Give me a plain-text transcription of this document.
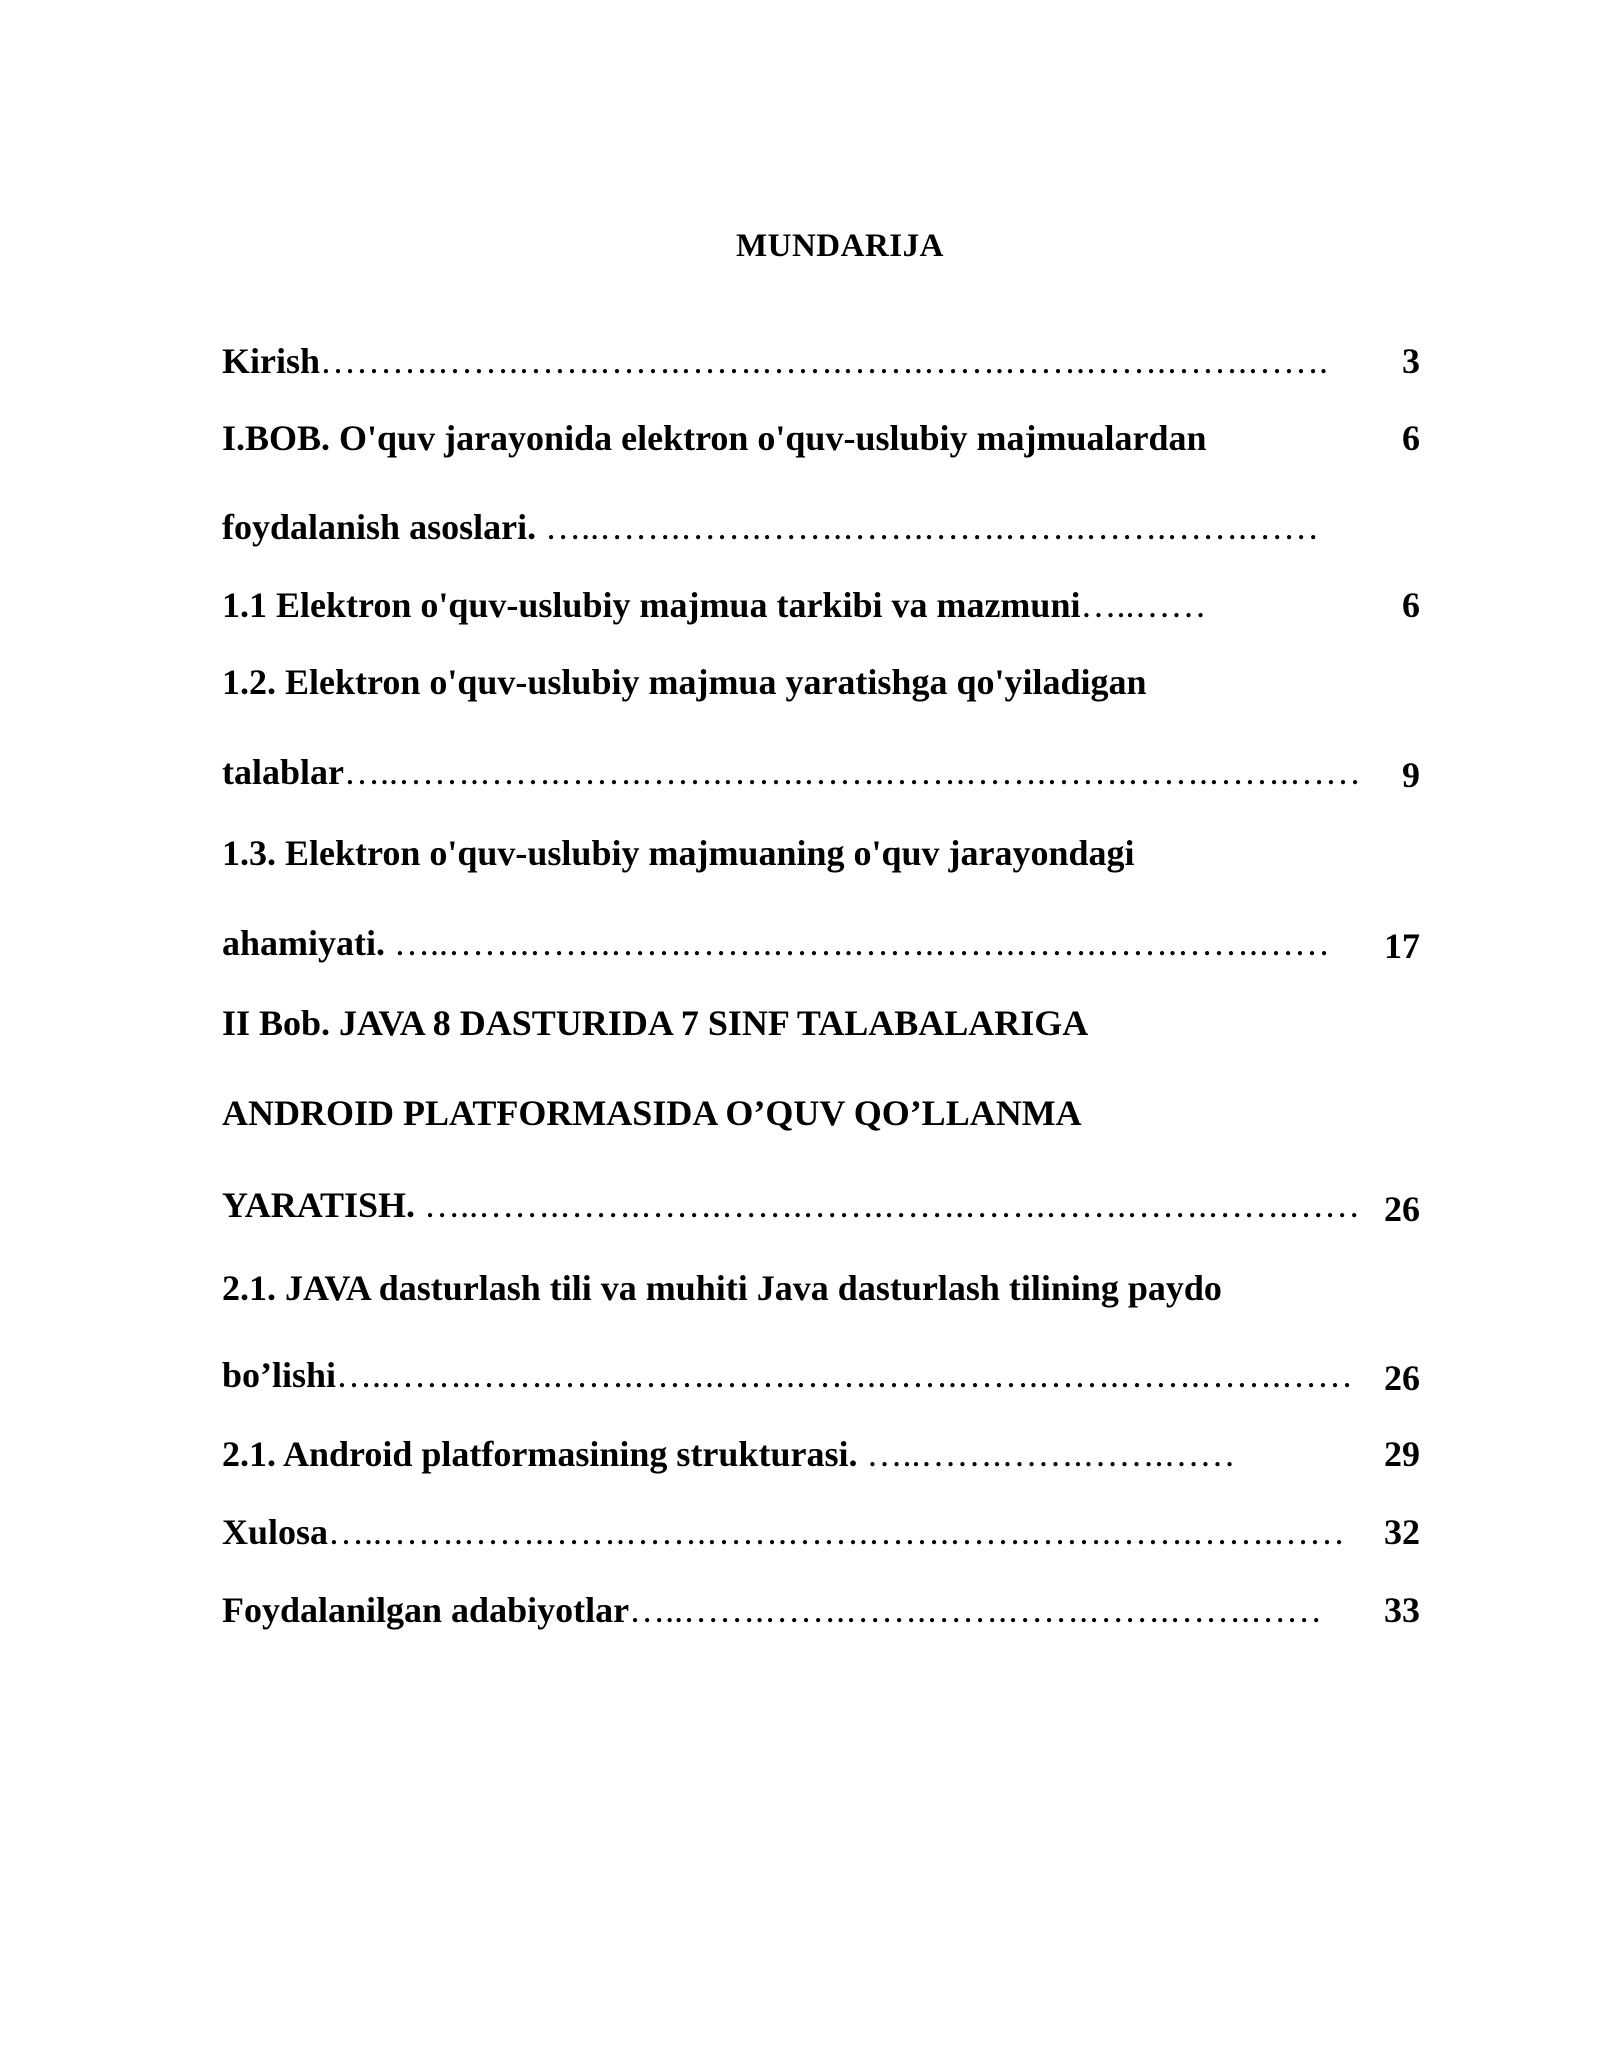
MUNDARIJA
Kirish……….…….…….…….…….…….…….…….…….…….…….…….	3
I.BOB. O'quv jarayonida elektron o'quv-uslubiy majmualardan	6
foydalanish asoslari. …..…….…….…….…….…….…….…….…….……
1.1 Elektron o'quv-uslubiy majmua tarkibi va mazmuni…..……	6
1.2. Elektron o'quv-uslubiy majmua yaratishga qo'yiladigan
talablar…..…….…….…….…….…….…….…….…….…….…….…….……	9
1.3. Elektron o'quv-uslubiy majmuaning o'quv jarayondagi
ahamiyati. …..…….…….…….…….…….…….…….…….…….…….……	17
II Bob. JAVA 8 DASTURIDA 7 SINF TALABALARIGA
ANDROID PLATFORMASIDA O’QUV QO’LLANMA
YARATISH. …..…….…….…….…….…….…….…….…….…….…….…… 26
2.1. JAVA dasturlash tili va muhiti Java dasturlash tilining paydo
bo’lishi…..…….…….…….…….…….…….…….…….…….…….…….…… 26
2.1. Android platformasining strukturasi. …..…….…….…….……	29
Xulosa…..…….…….…….…….…….…….…….…….…….…….…….……	32
Foydalanilgan adabiyotlar…..…….…….…….…….…….…….…….……	33
